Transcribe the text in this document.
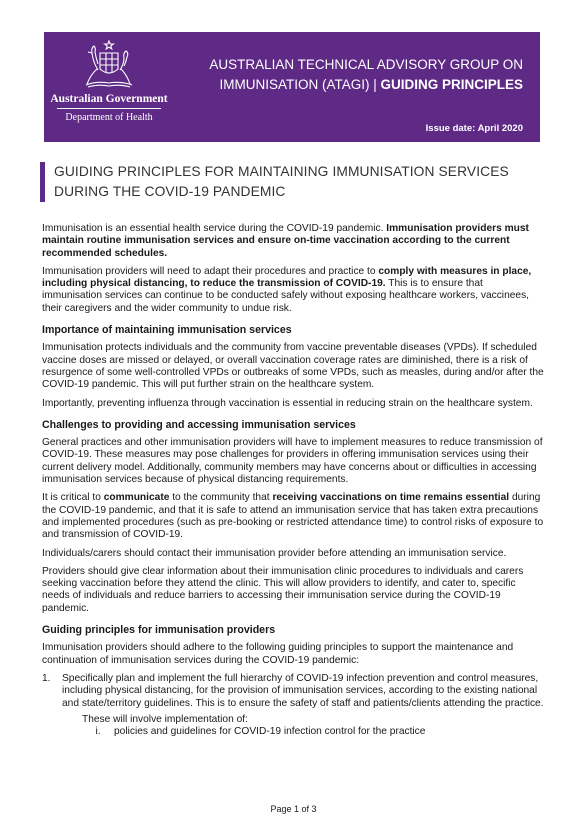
Australian Government
Department of Health
AUSTRALIAN TECHNICAL ADVISORY GROUP ON
IMMUNISATION (ATAGI) | GUIDING PRINCIPLES
Issue date: April 2020
GUIDING PRINCIPLES FOR MAINTAINING IMMUNISATION SERVICES DURING THE COVID-19 PANDEMIC

Immunisation is an essential health service during the COVID-19 pandemic. Immunisation providers must maintain routine immunisation services and ensure on-time vaccination according to the current recommended schedules.

Immunisation providers will need to adapt their procedures and practice to comply with measures in place, including physical distancing, to reduce the transmission of COVID-19. This is to ensure that immunisation services can continue to be conducted safely without exposing healthcare workers, vaccinees, their caregivers and the wider community to undue risk.

Importance of maintaining immunisation services

Immunisation protects individuals and the community from vaccine preventable diseases (VPDs). If scheduled vaccine doses are missed or delayed, or overall vaccination coverage rates are diminished, there is a risk of resurgence of some well-controlled VPDs or outbreaks of some VPDs, such as measles, during and/or after the COVID-19 pandemic. This will put further strain on the healthcare system.

Importantly, preventing influenza through vaccination is essential in reducing strain on the healthcare system.

Challenges to providing and accessing immunisation services

General practices and other immunisation providers will have to implement measures to reduce transmission of COVID-19. These measures may pose challenges for providers in offering immunisation services using their current delivery model. Additionally, community members may have concerns about or difficulties in accessing immunisation services because of physical distancing requirements.

It is critical to communicate to the community that receiving vaccinations on time remains essential during the COVID-19 pandemic, and that it is safe to attend an immunisation service that has taken extra precautions and implemented procedures (such as pre-booking or restricted attendance time) to control risks of exposure to and transmission of COVID-19.

Individuals/carers should contact their immunisation provider before attending an immunisation service.

Providers should give clear information about their immunisation clinic procedures to individuals and carers seeking vaccination before they attend the clinic. This will allow providers to identify, and cater to, specific needs of individuals and reduce barriers to accessing their immunisation service during the COVID-19 pandemic.

Guiding principles for immunisation providers

Immunisation providers should adhere to the following guiding principles to support the maintenance and continuation of immunisation services during the COVID-19 pandemic:

1.	Specifically plan and implement the full hierarchy of COVID-19 infection prevention and control measures, including physical distancing, for the provision of immunisation services, according to the existing national and state/territory guidelines. This is to ensure the safety of staff and patients/clients attending the practice.
These will involve implementation of:
i.	policies and guidelines for COVID-19 infection control for the practice
Page 1 of 3
